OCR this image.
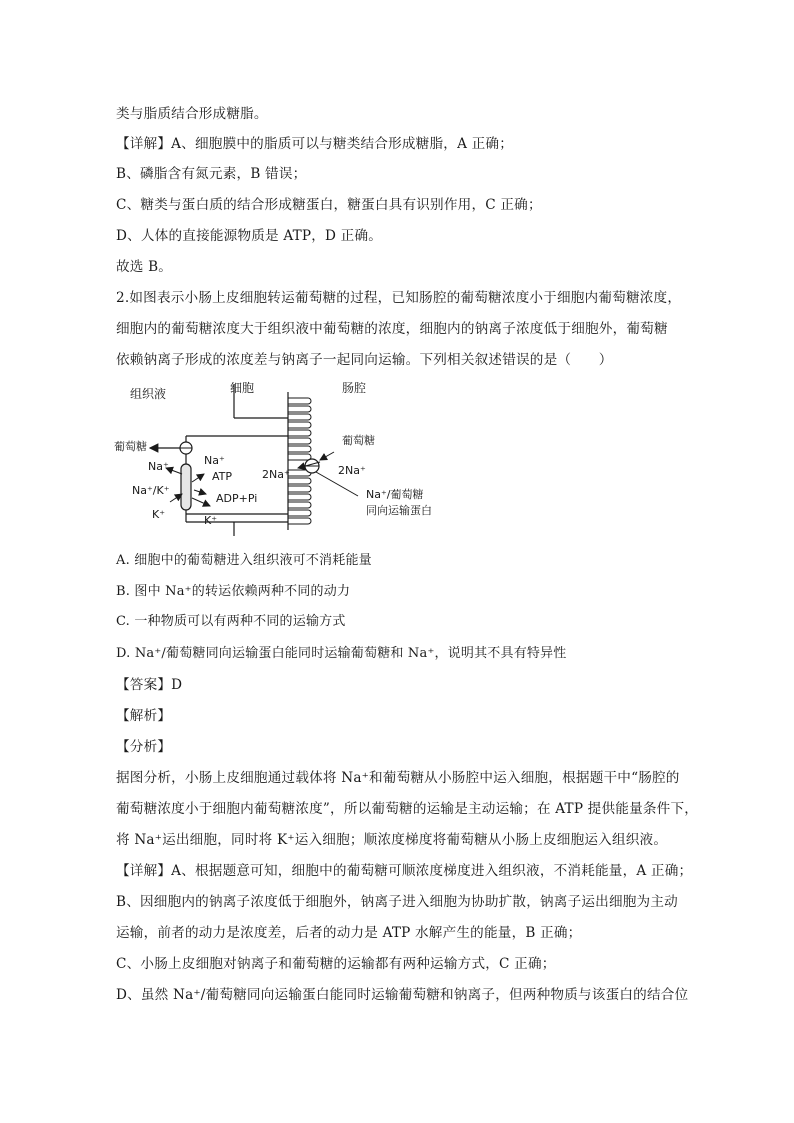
类与脂质结合形成糖脂。
【详解】A、细胞膜中的脂质可以与糖类结合形成糖脂，A 正确；
B、磷脂含有氮元素，B 错误；
C、糖类与蛋白质的结合形成糖蛋白，糖蛋白具有识别作用，C 正确；
D、人体的直接能源物质是 ATP，D 正确。
故选 B。
2.如图表示小肠上皮细胞转运葡萄糖的过程，已知肠腔的葡萄糖浓度小于细胞内葡萄糖浓度，
细胞内的葡萄糖浓度大于组织液中葡萄糖的浓度，细胞内的钠离子浓度低于细胞外，葡萄糖
依赖钠离子形成的浓度差与钠离子一起同向运输。下列相关叙述错误的是（　　）
组织液	细胞	肠腔
葡萄糖
Na⁺
Na⁺/K⁺
K⁺
Na⁺
ATP
ADP+Pi
K⁺
葡萄糖
2Na⁺	2Na⁺
Na⁺/葡萄糖
同向运输蛋白
A. 细胞中的葡萄糖进入组织液可不消耗能量
B. 图中 Na⁺的转运依赖两种不同的动力
C. 一种物质可以有两种不同的运输方式
D. Na⁺/葡萄糖同向运输蛋白能同时运输葡萄糖和 Na⁺，说明其不具有特异性
【答案】D
【解析】
【分析】
据图分析，小肠上皮细胞通过载体将 Na⁺和葡萄糖从小肠腔中运入细胞，根据题干中“肠腔的
葡萄糖浓度小于细胞内葡萄糖浓度”，所以葡萄糖的运输是主动运输；在 ATP 提供能量条件下，
将 Na⁺运出细胞，同时将 K⁺运入细胞；顺浓度梯度将葡萄糖从小肠上皮细胞运入组织液。
【详解】A、根据题意可知，细胞中的葡萄糖可顺浓度梯度进入组织液，不消耗能量，A 正确；
B、因细胞内的钠离子浓度低于细胞外，钠离子进入细胞为协助扩散，钠离子运出细胞为主动
运输，前者的动力是浓度差，后者的动力是 ATP 水解产生的能量，B 正确；
C、小肠上皮细胞对钠离子和葡萄糖的运输都有两种运输方式，C 正确；
D、虽然 Na⁺/葡萄糖同向运输蛋白能同时运输葡萄糖和钠离子，但两种物质与该蛋白的结合位
